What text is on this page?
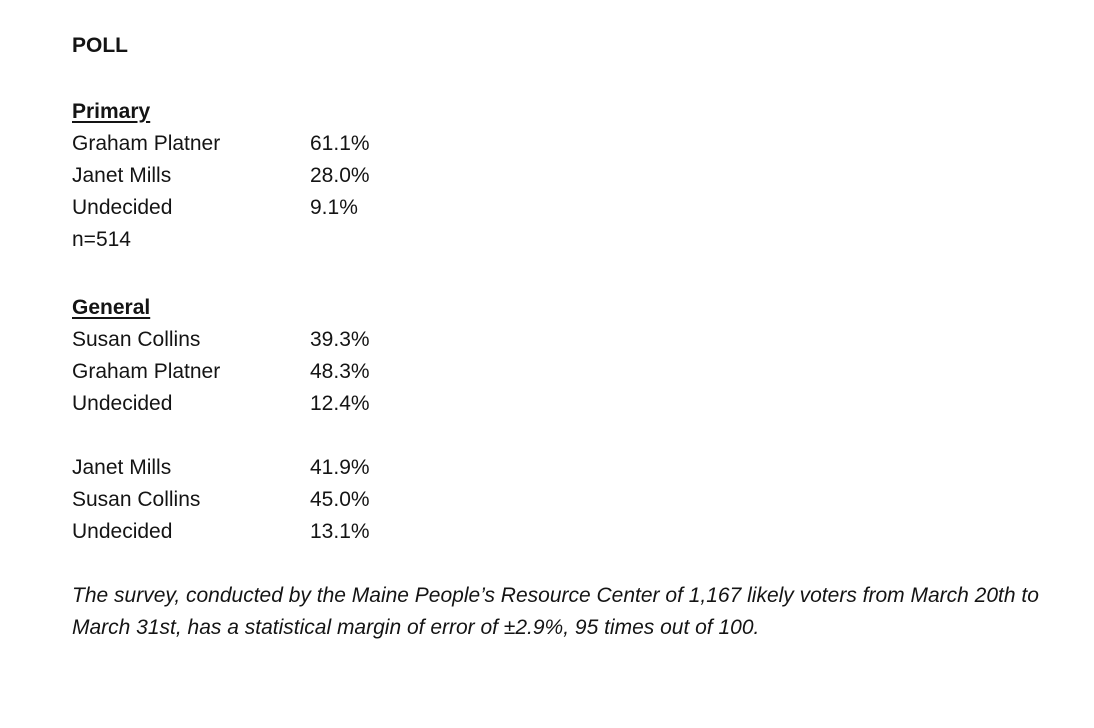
POLL
Primary
Graham Platner	61.1%
Janet Mills	28.0%
Undecided	9.1%
n=514
General
Susan Collins	39.3%
Graham Platner	48.3%
Undecided	12.4%
Janet Mills	41.9%
Susan Collins	45.0%
Undecided	13.1%

The survey, conducted by the Maine People’s Resource Center of 1,167 likely voters from March 20th to March 31st, has a statistical margin of error of ±2.9%, 95 times out of 100.
